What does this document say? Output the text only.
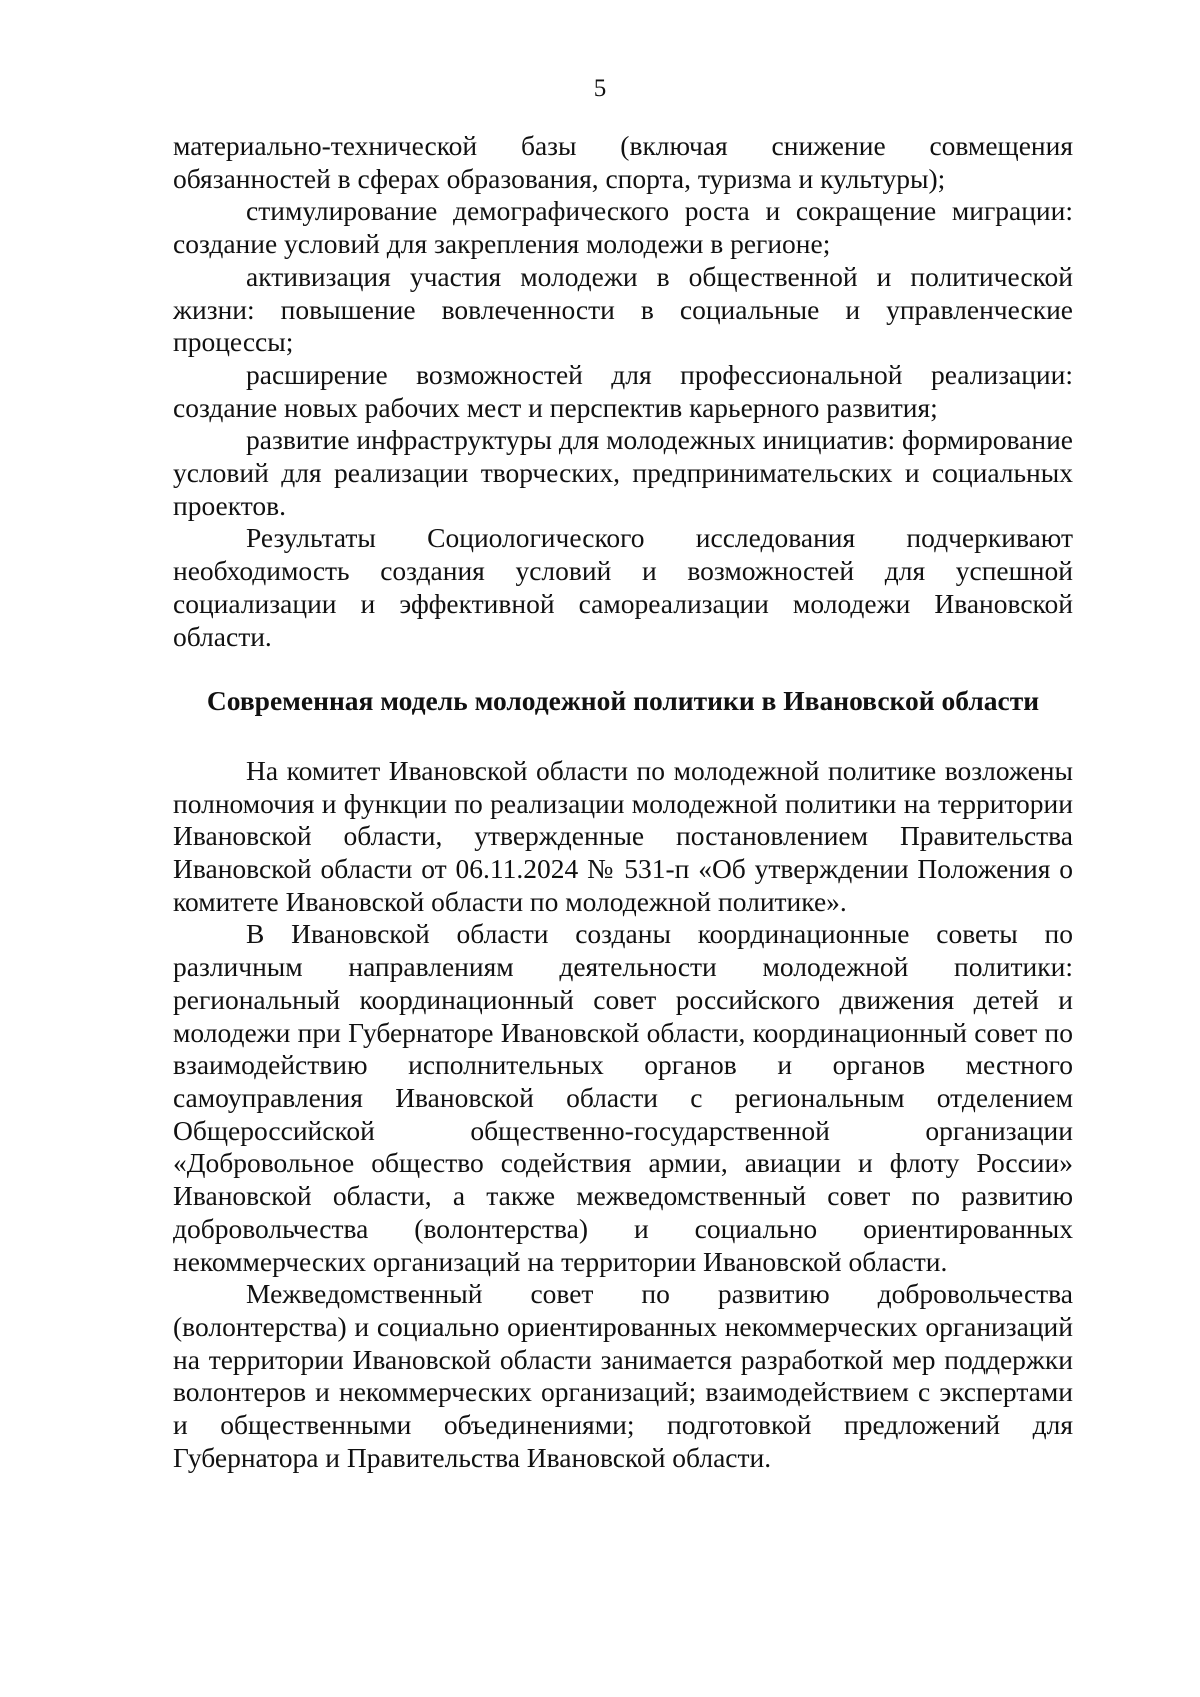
5

материально-технической базы (включая снижение совмещения обязанностей в сферах образования, спорта, туризма и культуры);

стимулирование демографического роста и сокращение миграции: создание условий для закрепления молодежи в регионе;

активизация участия молодежи в общественной и политической жизни: повышение вовлеченности в социальные и управленческие процессы;

расширение возможностей для профессиональной реализации: создание новых рабочих мест и перспектив карьерного развития;

развитие инфраструктуры для молодежных инициатив: формирование условий для реализации творческих, предпринимательских и социальных проектов.

Результаты Социологического исследования подчеркивают необходимость создания условий и возможностей для успешной социализации и эффективной самореализации молодежи Ивановской области.

Современная модель молодежной политики в Ивановской области

На комитет Ивановской области по молодежной политике возложены полномочия и функции по реализации молодежной политики на территории Ивановской области, утвержденные постановлением Правительства Ивановской области от 06.11.2024 № 531-п «Об утверждении Положения о комитете Ивановской области по молодежной политике».

В Ивановской области созданы координационные советы по различным направлениям деятельности молодежной политики: региональный координационный совет российского движения детей и молодежи при Губернаторе Ивановской области, координационный совет по взаимодействию исполнительных органов и органов местного самоуправления Ивановской области с региональным отделением Общероссийской общественно-государственной организации «Добровольное общество содействия армии, авиации и флоту России» Ивановской области, а также межведомственный совет по развитию добровольчества (волонтерства) и социально ориентированных некоммерческих организаций на территории Ивановской области.

Межведомственный совет по развитию добровольчества (волонтерства) и социально ориентированных некоммерческих организаций на территории Ивановской области занимается разработкой мер поддержки волонтеров и некоммерческих организаций; взаимодействием с экспертами и общественными объединениями; подготовкой предложений для Губернатора и Правительства Ивановской области.
